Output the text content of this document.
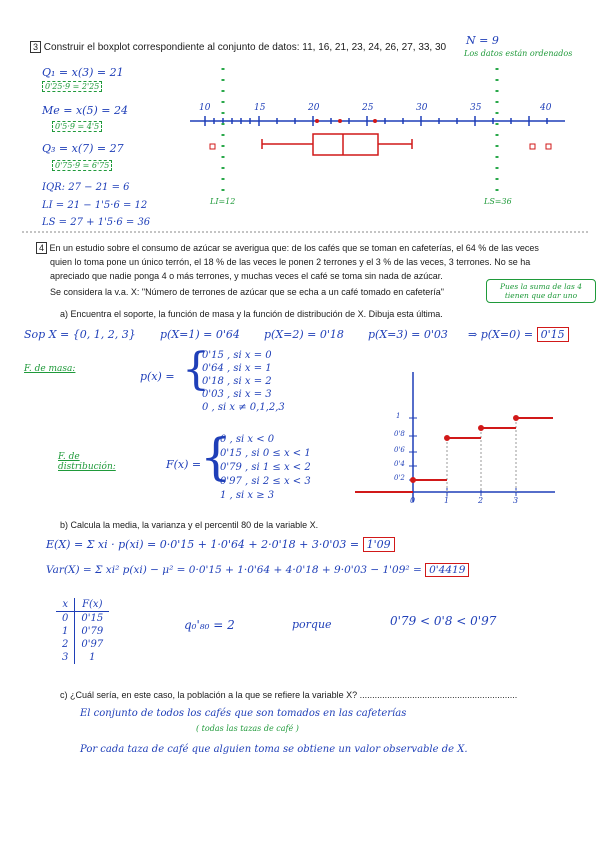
3 Construir el boxplot correspondiente al conjunto de datos: 11, 16, 21, 23, 24, 26, 27, 33, 30
N = 9
Los datos están ordenados
Q₁ = x(3) = 21
0'25·9 = 2'25
Me = x(5) = 24
0'5·9 = 4'5
Q₃ = x(7) = 27
0'75·9 = 6'75
IQR: 27 − 21 = 6
LI = 21 − 1'5·6 = 12
LS = 27 + 1'5·6 = 36
10	15	20	25	30	35	40
LI=12	LS=36
4 En un estudio sobre el consumo de azúcar se averigua que: de los cafés que se toman en cafeterías, el 64 % de las veces
quien lo toma pone un único terrón, el 18 % de las veces le ponen 2 terrones y el 3 % de las veces, 3 terrones. No se ha
apreciado que nadie ponga 4 o más terrones, y muchas veces el café se toma sin nada de azúcar.
Se considera la v.a. X: "Número de terrones de azúcar que se echa a un café tomado en cafetería"
Pues la suma de las 4 tienen que dar uno
a) Encuentra el soporte, la función de masa y la función de distribución de X. Dibuja esta última.
Sop X = {0, 1, 2, 3} p(X=1) = 0'64 p(X=2) = 0'18 p(X=3) = 0'03 ⇒ p(X=0) = 0'15
F. de masa:
p(x) = {
0'15 , si x = 0
0'64 , si x = 1
0'18 , si x = 2
0'03 , si x = 3
0 , si x ≠ 0,1,2,3
F. de distribución:	F(x) =
{
0 , si x < 0
0'15 , si 0 ≤ x < 1
0'79 , si 1 ≤ x < 2
0'97 , si 2 ≤ x < 3
1 , si x ≥ 3
1
0'8
0'6
0'4
0'2
0	1	2	3
b) Calcula la media, la varianza y el percentil 80 de la variable X.
E(X) = Σ xi · p(xi) = 0·0'15 + 1·0'64 + 2·0'18 + 3·0'03 = 1'09
Var(X) = Σ xi² p(xi) − μ² = 0·0'15 + 1·0'64 + 4·0'18 + 9·0'03 − 1'09² = 0'4419
x	F(x)
0	0'15
1	0'79
2	0'97
3	1
q₀'₈₀ = 2	porque	0'79 < 0'8 < 0'97
c) ¿Cuál sería, en este caso, la población a la que se refiere la variable X? ...............................................................
El conjunto de todos los cafés que son tomados en las cafeterías
( todas las tazas de café )
Por cada taza de café que alguien toma se obtiene un valor observable de X.
